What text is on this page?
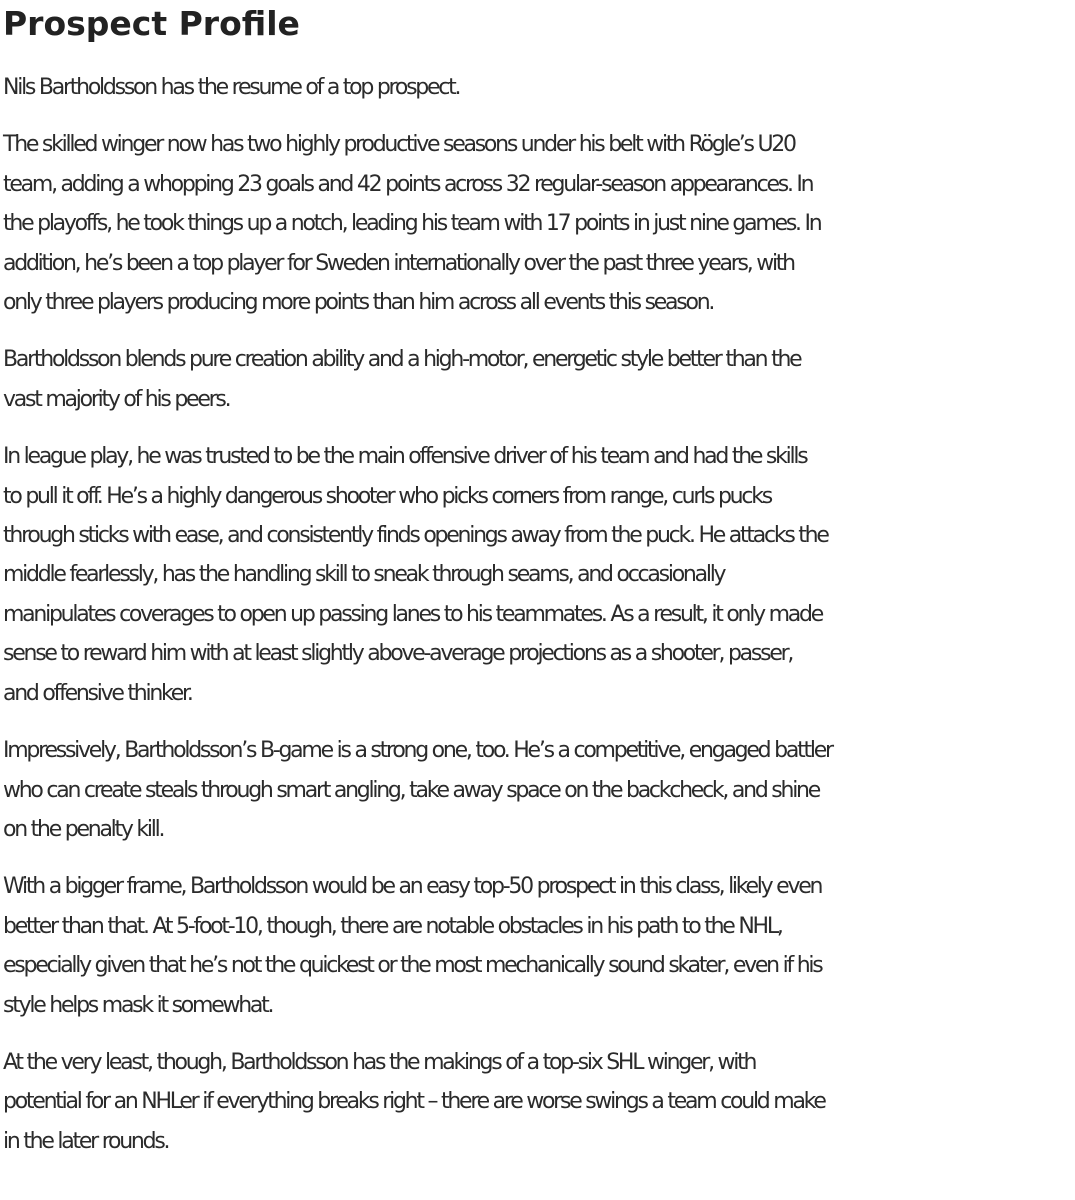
Prospect Profile

Nils Bartholdsson has the resume of a top prospect.

The skilled winger now has two highly productive seasons under his belt with Rögle’s U20
team, adding a whopping 23 goals and 42 points across 32 regular-season appearances. In
the playoffs, he took things up a notch, leading his team with 17 points in just nine games. In
addition, he’s been a top player for Sweden internationally over the past three years, with
only three players producing more points than him across all events this season.

Bartholdsson blends pure creation ability and a high-motor, energetic style better than the
vast majority of his peers.

In league play, he was trusted to be the main offensive driver of his team and had the skills
to pull it off. He’s a highly dangerous shooter who picks corners from range, curls pucks
through sticks with ease, and consistently finds openings away from the puck. He attacks the
middle fearlessly, has the handling skill to sneak through seams, and occasionally
manipulates coverages to open up passing lanes to his teammates. As a result, it only made
sense to reward him with at least slightly above-average projections as a shooter, passer,
and offensive thinker.

Impressively, Bartholdsson’s B-game is a strong one, too. He’s a competitive, engaged battler
who can create steals through smart angling, take away space on the backcheck, and shine
on the penalty kill.

With a bigger frame, Bartholdsson would be an easy top-50 prospect in this class, likely even
better than that. At 5-foot-10, though, there are notable obstacles in his path to the NHL,
especially given that he’s not the quickest or the most mechanically sound skater, even if his
style helps mask it somewhat.

At the very least, though, Bartholdsson has the makings of a top-six SHL winger, with
potential for an NHLer if everything breaks right – there are worse swings a team could make
in the later rounds.
